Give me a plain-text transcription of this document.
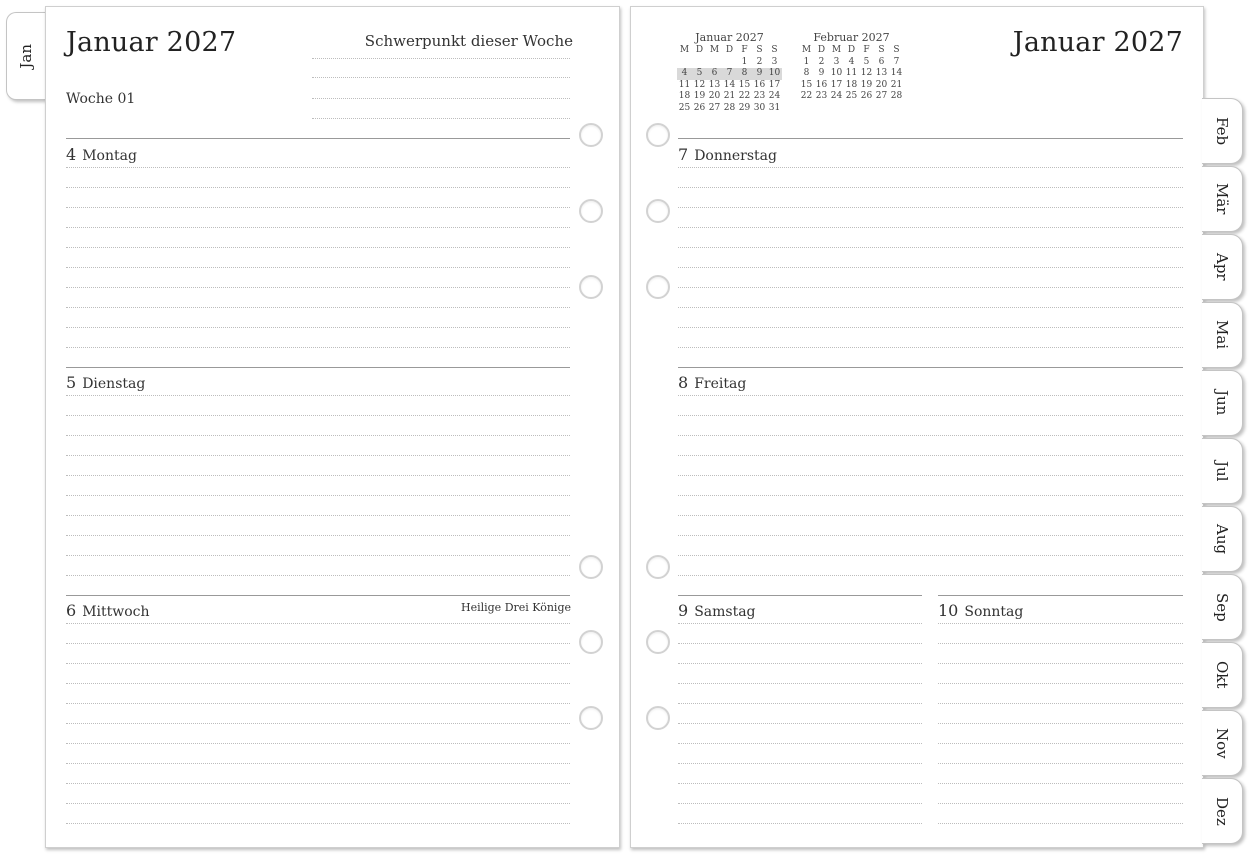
Jan Januar 2027	Schwerpunkt dieser Woche
Woche 01
4 Montag
5 Dienstag
6 Mittwoch	Heilige Drei Könige
Januar 2027
Januar 2027
M	D	M	D	F	S	S
				1	2	3
4	5	6	7	8	9	10
11	12	13	14	15	16	17
18	19	20	21	22	23	24
25	26	27	28	29	30	31
Februar 2027
M	D	M	D	F	S	S
1	2	3	4	5	6	7
8	9	10	11	12	13	14
15	16	17	18	19	20	21
22	23	24	25	26	27	28
7 Donnerstag
8 Freitag
9 Samstag	10 Sonntag
Feb
Mär
Apr
Mai
Jun
Jul
Aug
Sep
Okt
Nov
Dez
